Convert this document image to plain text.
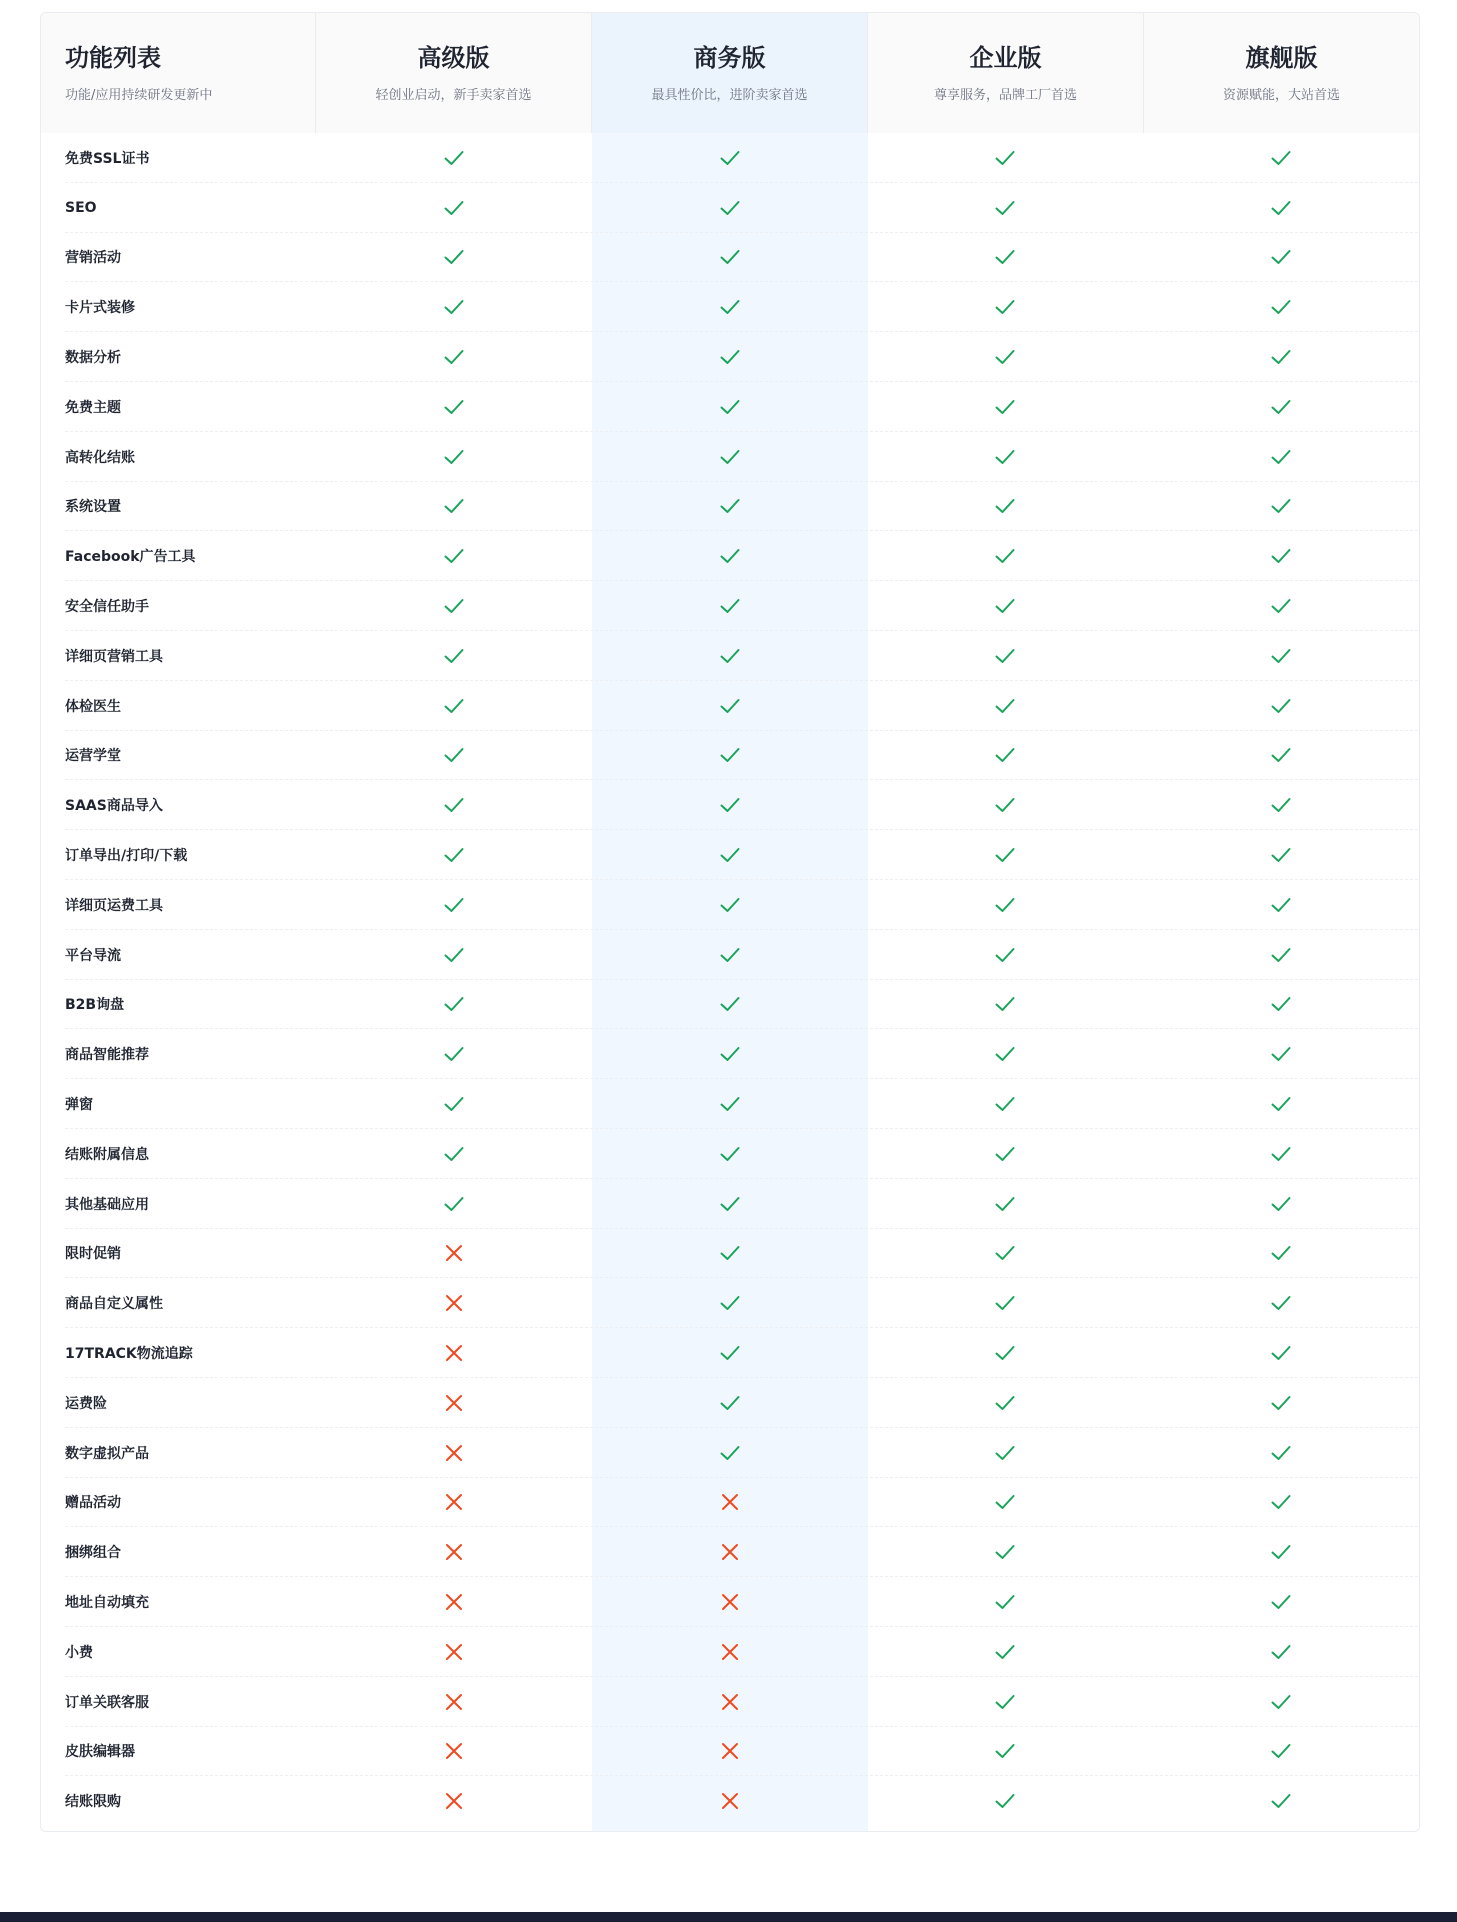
功能列表
功能/应用持续研发更新中
高级版
轻创业启动，新手卖家首选
商务版
最具性价比，进阶卖家首选
企业版
尊享服务，品牌工厂首选
旗舰版
资源赋能，大站首选
免费SSL证书
SEO
营销活动
卡片式装修
数据分析
免费主题
高转化结账
系统设置
Facebook广告工具
安全信任助手
详细页营销工具
体检医生
运营学堂
SAAS商品导入
订单导出/打印/下载
详细页运费工具
平台导流
B2B询盘
商品智能推荐
弹窗
结账附属信息
其他基础应用
限时促销
商品自定义属性
17TRACK物流追踪
运费险
数字虚拟产品
赠品活动
捆绑组合
地址自动填充
小费
订单关联客服
皮肤编辑器
结账限购
